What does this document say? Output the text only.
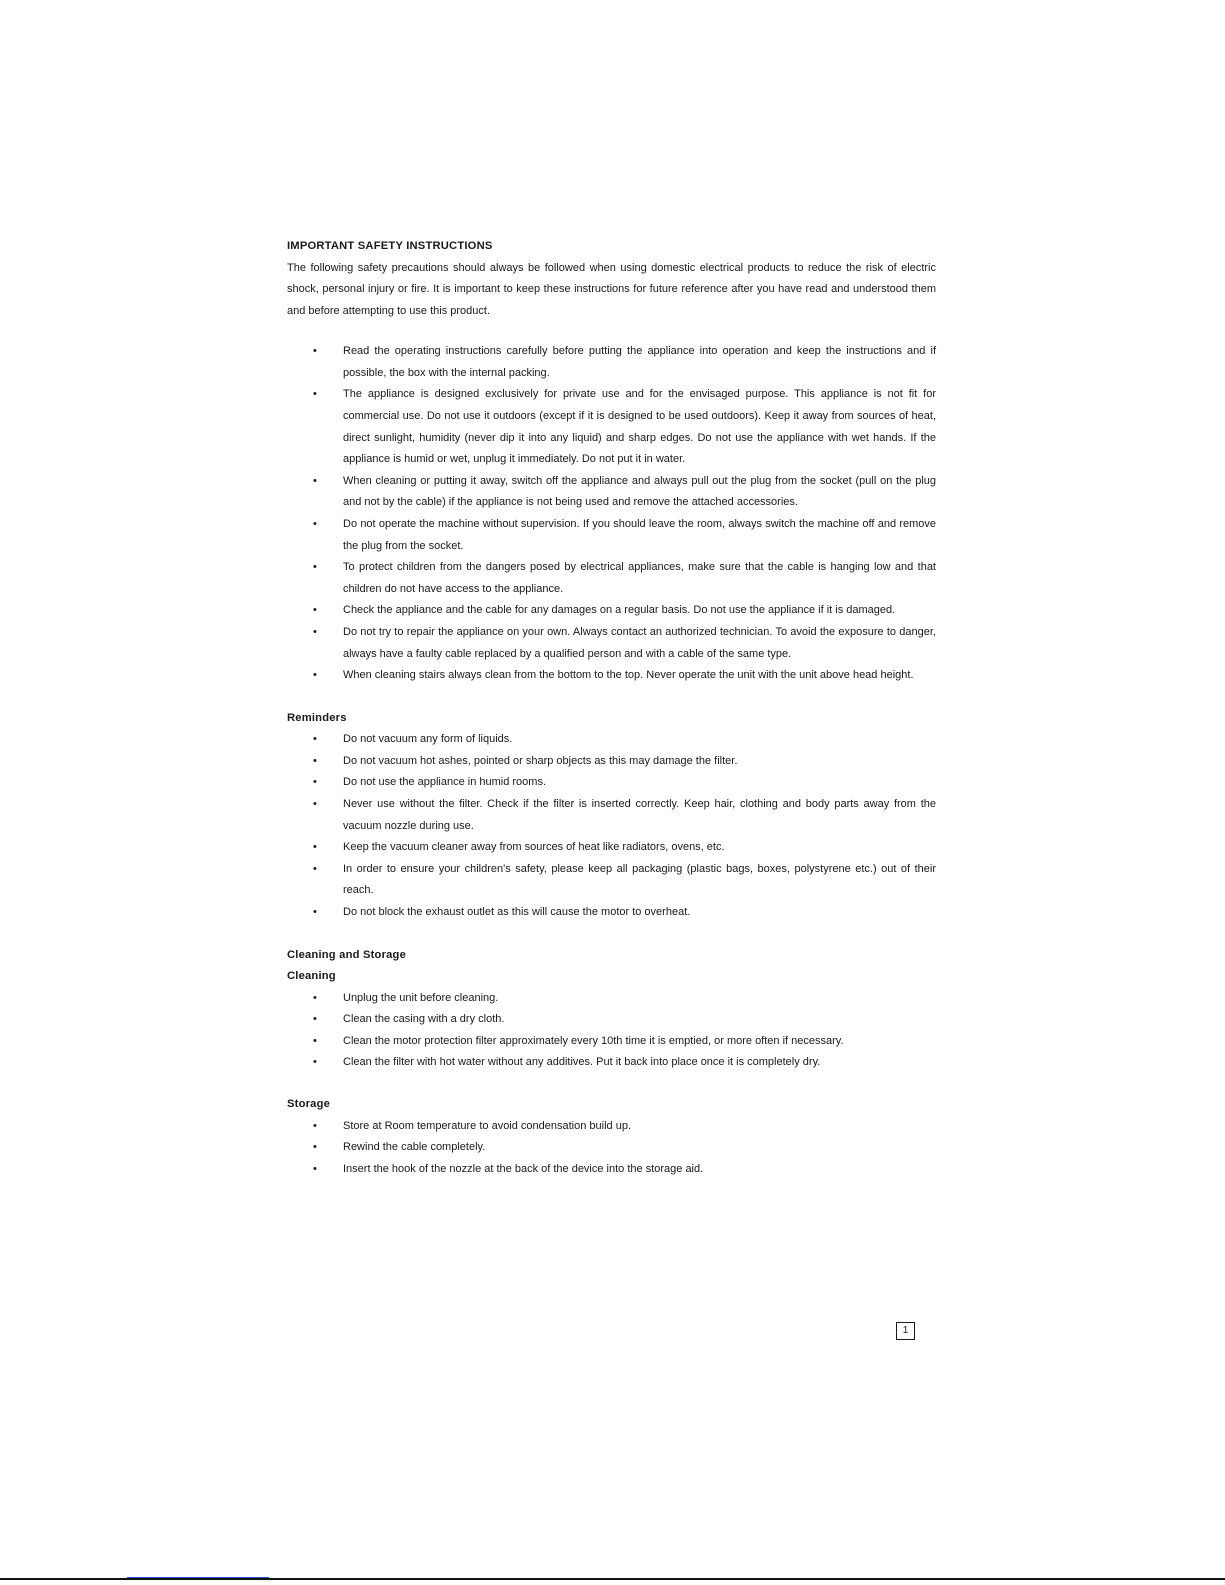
IMPORTANT SAFETY INSTRUCTIONS

The following safety precautions should always be followed when using domestic electrical products to reduce the risk of electric shock, personal injury or fire. It is important to keep these instructions for future reference after you have read and understood them and before attempting to use this product.

• Read the operating instructions carefully before putting the appliance into operation and keep the instructions and if possible, the box with the internal packing.
• The appliance is designed exclusively for private use and for the envisaged purpose. This appliance is not fit for commercial use. Do not use it outdoors (except if it is designed to be used outdoors). Keep it away from sources of heat, direct sunlight, humidity (never dip it into any liquid) and sharp edges. Do not use the appliance with wet hands. If the appliance is humid or wet, unplug it immediately. Do not put it in water.
• When cleaning or putting it away, switch off the appliance and always pull out the plug from the socket (pull on the plug and not by the cable) if the appliance is not being used and remove the attached accessories.
• Do not operate the machine without supervision. If you should leave the room, always switch the machine off and remove the plug from the socket.
• To protect children from the dangers posed by electrical appliances, make sure that the cable is hanging low and that children do not have access to the appliance.
• Check the appliance and the cable for any damages on a regular basis. Do not use the appliance if it is damaged.
• Do not try to repair the appliance on your own. Always contact an authorized technician. To avoid the exposure to danger, always have a faulty cable replaced by a qualified person and with a cable of the same type.
• When cleaning stairs always clean from the bottom to the top. Never operate the unit with the unit above head height.
Reminders
• Do not vacuum any form of liquids.
• Do not vacuum hot ashes, pointed or sharp objects as this may damage the filter.
• Do not use the appliance in humid rooms.
• Never use without the filter. Check if the filter is inserted correctly. Keep hair, clothing and body parts away from the vacuum nozzle during use.
• Keep the vacuum cleaner away from sources of heat like radiators, ovens, etc.
• In order to ensure your children's safety, please keep all packaging (plastic bags, boxes, polystyrene etc.) out of their reach.
• Do not block the exhaust outlet as this will cause the motor to overheat.
Cleaning and Storage
Cleaning
• Unplug the unit before cleaning.
• Clean the casing with a dry cloth.
• Clean the motor protection filter approximately every 10th time it is emptied, or more often if necessary.
• Clean the filter with hot water without any additives. Put it back into place once it is completely dry.
Storage
• Store at Room temperature to avoid condensation build up.
• Rewind the cable completely.
• Insert the hook of the nozzle at the back of the device into the storage aid.
1
